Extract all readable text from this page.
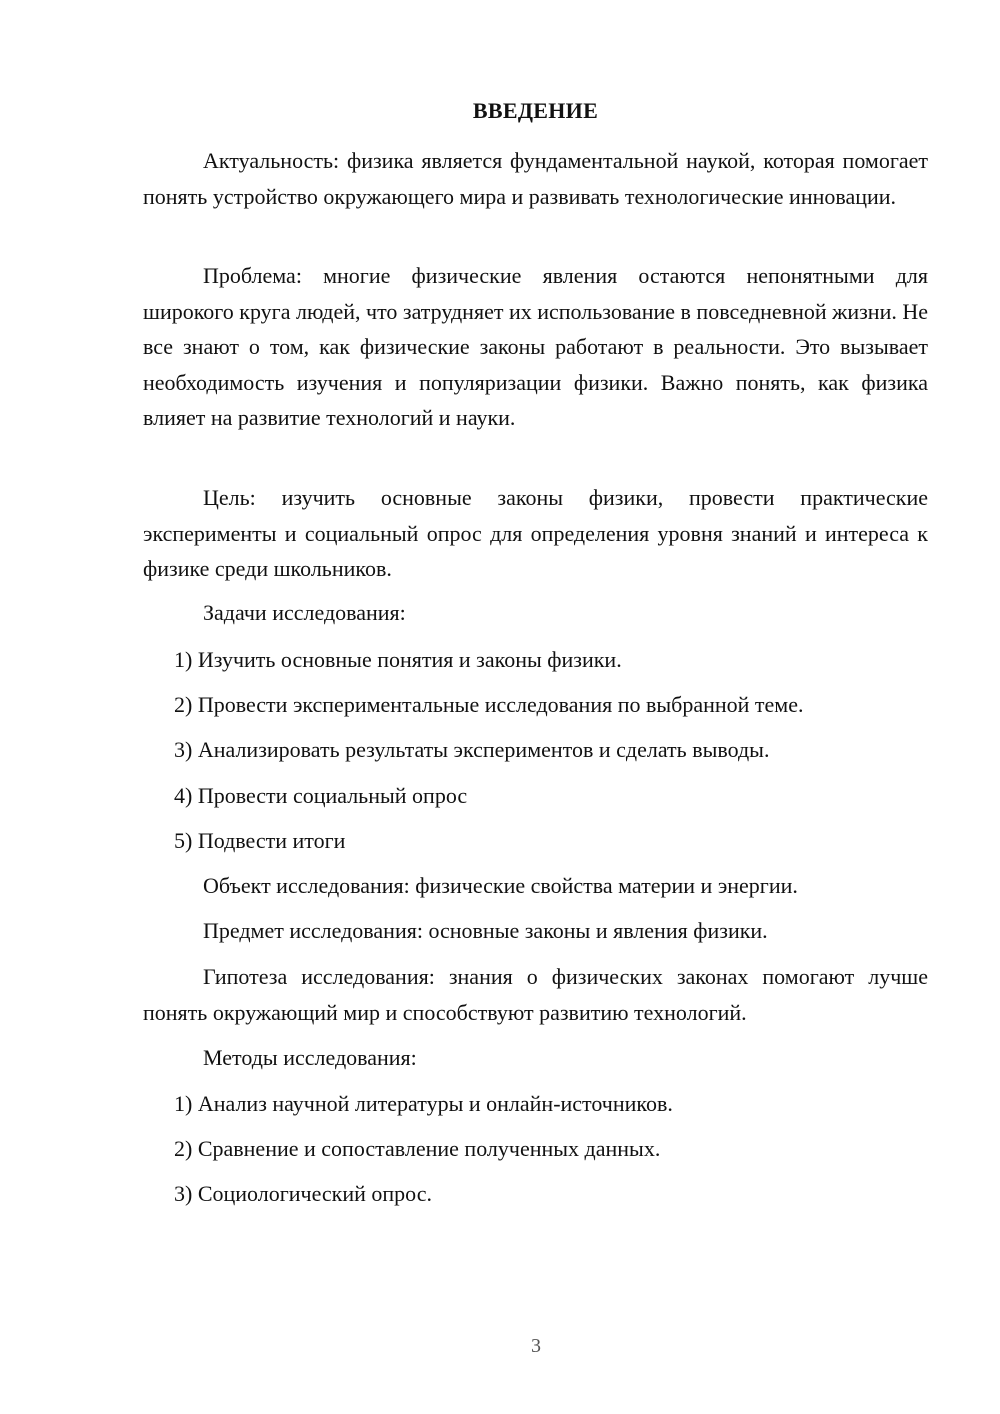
ВВЕДЕНИЕ
Актуальность: физика является фундаментальной наукой, которая помогает понять устройство окружающего мира и развивать технологические инновации.
Проблема: многие физические явления остаются непонятными для широкого круга людей, что затрудняет их использование в повседневной жизни. Не все знают о том, как физические законы работают в реальности. Это вызывает необходимость изучения и популяризации физики. Важно понять, как физика влияет на развитие технологий и науки.
Цель: изучить основные законы физики, провести практические эксперименты и социальный опрос для определения уровня знаний и интереса к физике среди школьников.
Задачи исследования:
1) Изучить основные понятия и законы физики.
2) Провести экспериментальные исследования по выбранной теме.
3) Анализировать результаты экспериментов и сделать выводы.
4) Провести социальный опрос
5) Подвести итоги
Объект исследования: физические свойства материи и энергии.
Предмет исследования: основные законы и явления физики.
Гипотеза исследования: знания о физических законах помогают лучше понять окружающий мир и способствуют развитию технологий.
Методы исследования:
1) Анализ научной литературы и онлайн-источников.
2) Сравнение и сопоставление полученных данных.
3) Социологический опрос.
3
